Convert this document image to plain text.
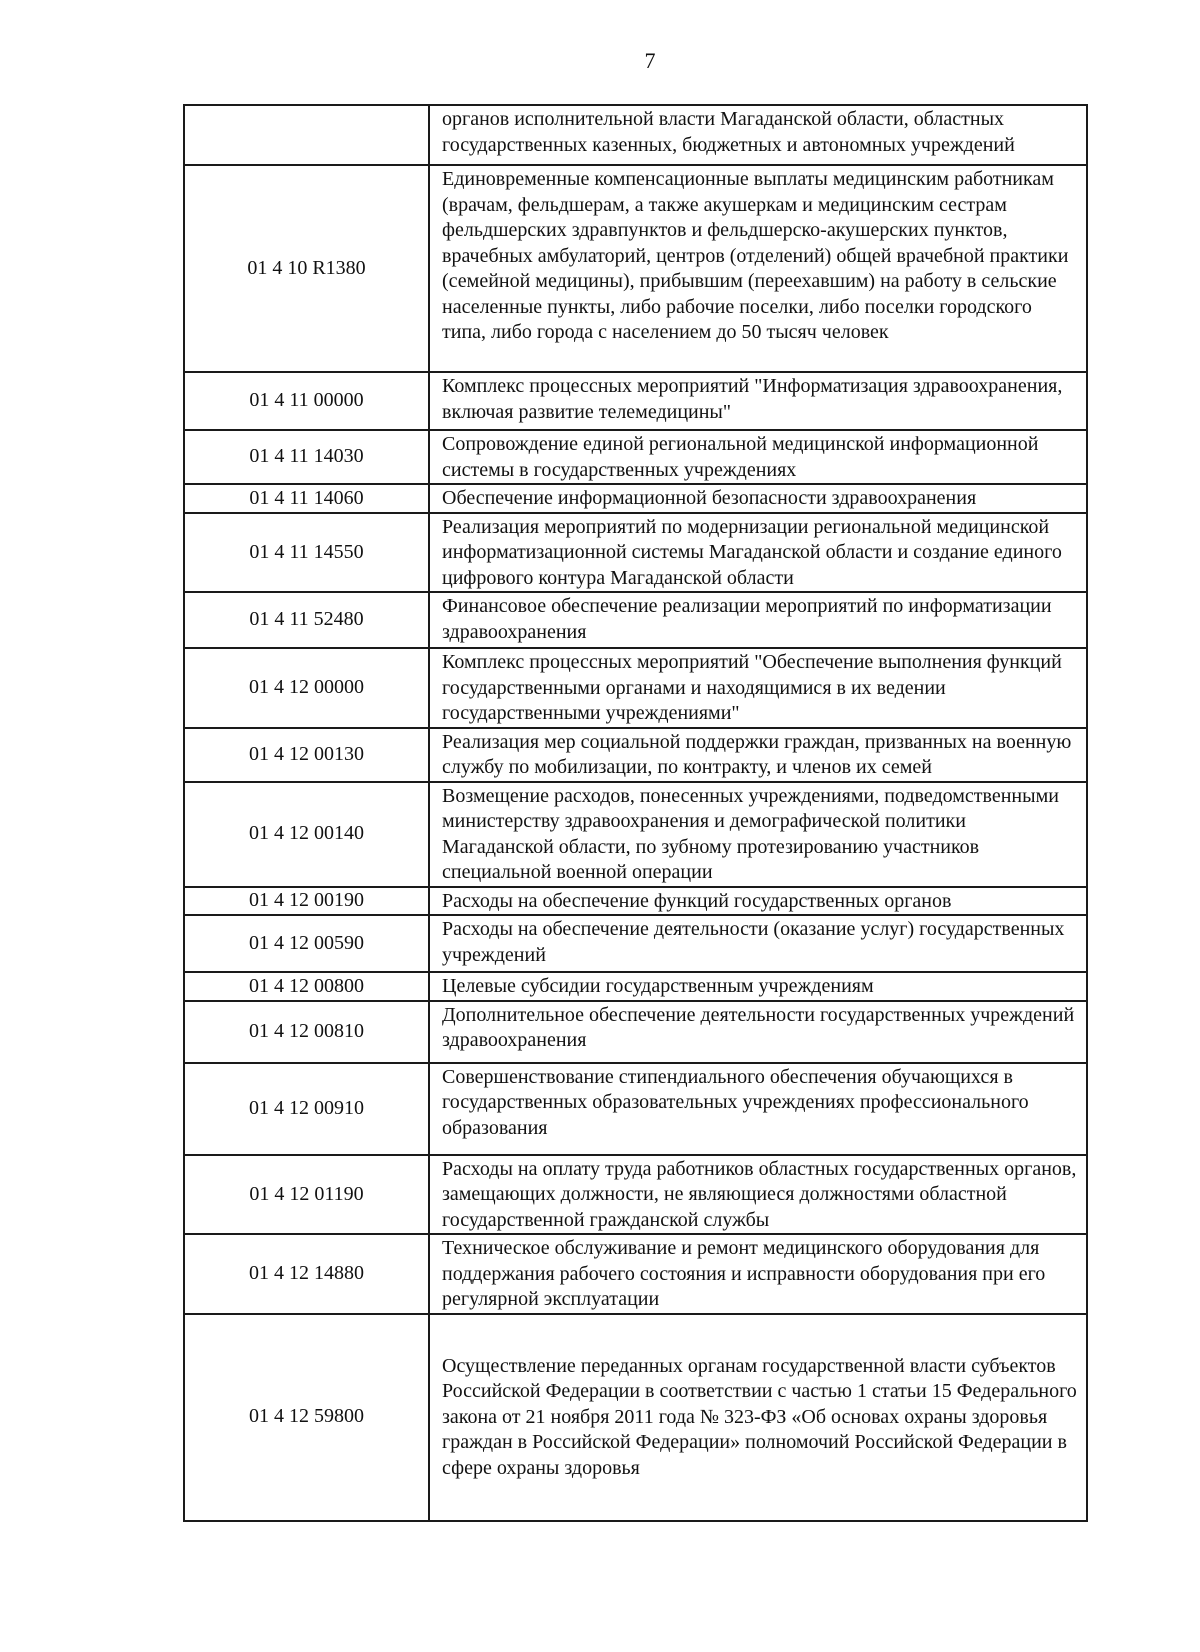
7
	органов исполнительной власти Магаданской области, областных государственных казенных, бюджетных и автономных учреждений
01 4 10 R1380	Единовременные компенсационные выплаты медицинским работникам (врачам, фельдшерам, а также акушеркам и медицинским сестрам фельдшерских здравпунктов и фельдшерско-акушерских пунктов, врачебных амбулаторий, центров (отделений) общей врачебной практики (семейной медицины), прибывшим (переехавшим) на работу в сельские населенные пункты, либо рабочие поселки, либо поселки городского типа, либо города с населением до 50 тысяч человек
01 4 11 00000	Комплекс процессных мероприятий "Информатизация здравоохранения, включая развитие телемедицины"
01 4 11 14030	Сопровождение единой региональной медицинской информационной системы в государственных учреждениях
01 4 11 14060	Обеспечение информационной безопасности здравоохранения
01 4 11 14550	Реализация мероприятий по модернизации региональной медицинской информатизационной системы Магаданской области и создание единого цифрового контура Магаданской области
01 4 11 52480	Финансовое обеспечение реализации мероприятий по информатизации здравоохранения
01 4 12 00000	Комплекс процессных мероприятий "Обеспечение выполнения функций государственными органами и находящимися в их ведении государственными учреждениями"
01 4 12 00130	Реализация мер социальной поддержки граждан, призванных на военную службу по мобилизации, по контракту, и членов их семей
01 4 12 00140	Возмещение расходов, понесенных учреждениями, подведомственными министерству здравоохранения и демографической политики Магаданской области, по зубному протезированию участников специальной военной операции
01 4 12 00190	Расходы на обеспечение функций государственных органов
01 4 12 00590	Расходы на обеспечение деятельности (оказание услуг) государственных учреждений
01 4 12 00800	Целевые субсидии государственным учреждениям
01 4 12 00810	Дополнительное обеспечение деятельности государственных учреждений здравоохранения
01 4 12 00910	Совершенствование стипендиального обеспечения обучающихся в государственных образовательных учреждениях профессионального образования
01 4 12 01190	Расходы на оплату труда работников областных государственных органов, замещающих должности, не являющиеся должностями областной государственной гражданской службы
01 4 12 14880	Техническое обслуживание и ремонт медицинского оборудования для поддержания рабочего состояния и исправности оборудования при его регулярной эксплуатации
01 4 12 59800	Осуществление переданных органам государственной власти субъектов Российской Федерации в соответствии с частью 1 статьи 15 Федерального закона от 21 ноября 2011 года № 323-ФЗ «Об основах охраны здоровья граждан в Российской Федерации» полномочий Российской Федерации в сфере охраны здоровья
